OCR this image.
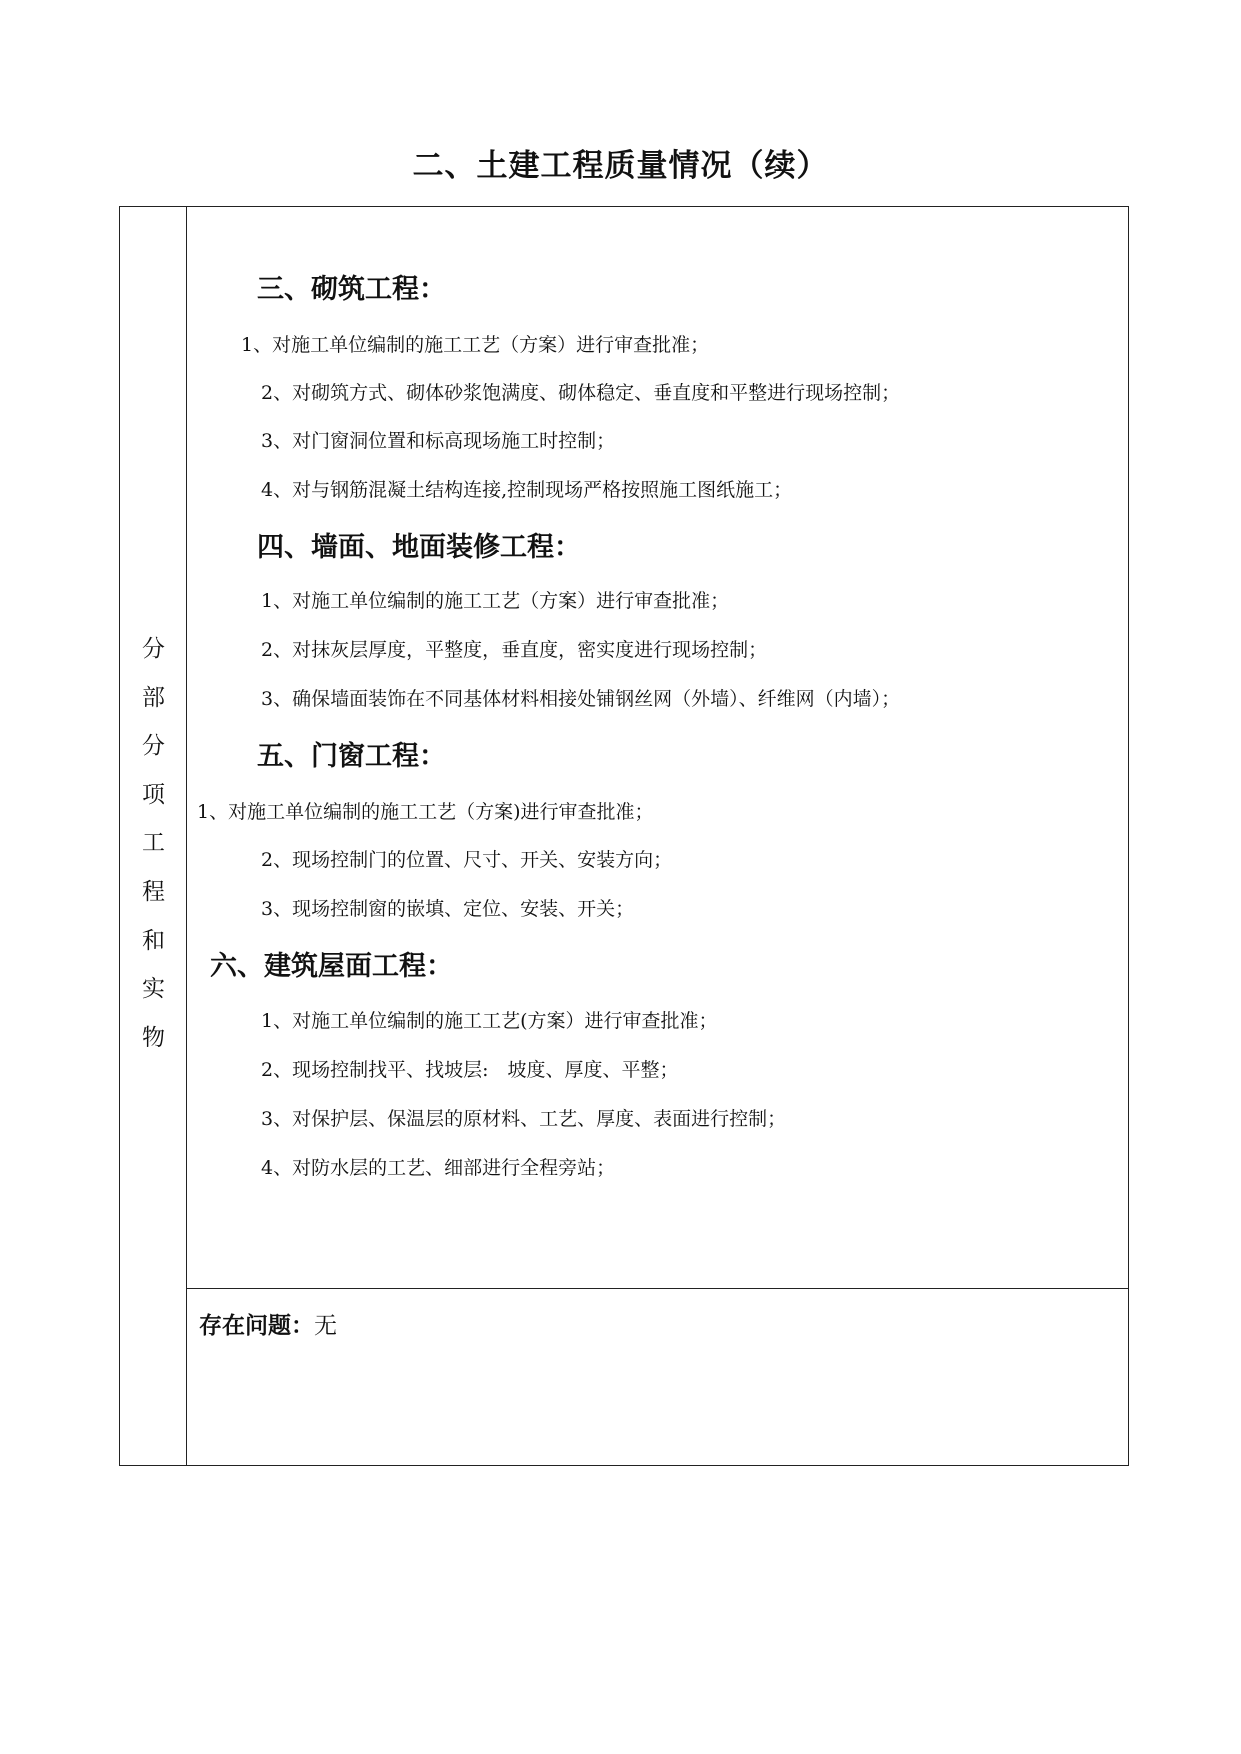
二、土建工程质量情况（续）
分
部
分
项
工
程
和
实
物
三、砌筑工程：
1、对施工单位编制的施工工艺（方案）进行审查批准；
2、对砌筑方式、砌体砂浆饱满度、砌体稳定、垂直度和平整进行现场控制；
3、对门窗洞位置和标高现场施工时控制；
4、对与钢筋混凝土结构连接,控制现场严格按照施工图纸施工；
四、墙面、地面装修工程：
1、对施工单位编制的施工工艺（方案）进行审查批准；
2、对抹灰层厚度，平整度，垂直度，密实度进行现场控制；
3、确保墙面装饰在不同基体材料相接处铺钢丝网（外墙）、纤维网（内墙）；
五、门窗工程：
1、对施工单位编制的施工工艺（方案)进行审查批准；
2、现场控制门的位置、尺寸、开关、安装方向；
3、现场控制窗的嵌填、定位、安装、开关；
六、建筑屋面工程：
1、对施工单位编制的施工工艺(方案）进行审查批准；
2、现场控制找平、找坡层:　坡度、厚度、平整；
3、对保护层、保温层的原材料、工艺、厚度、表面进行控制；
4、对防水层的工艺、细部进行全程旁站；
存在问题：无
